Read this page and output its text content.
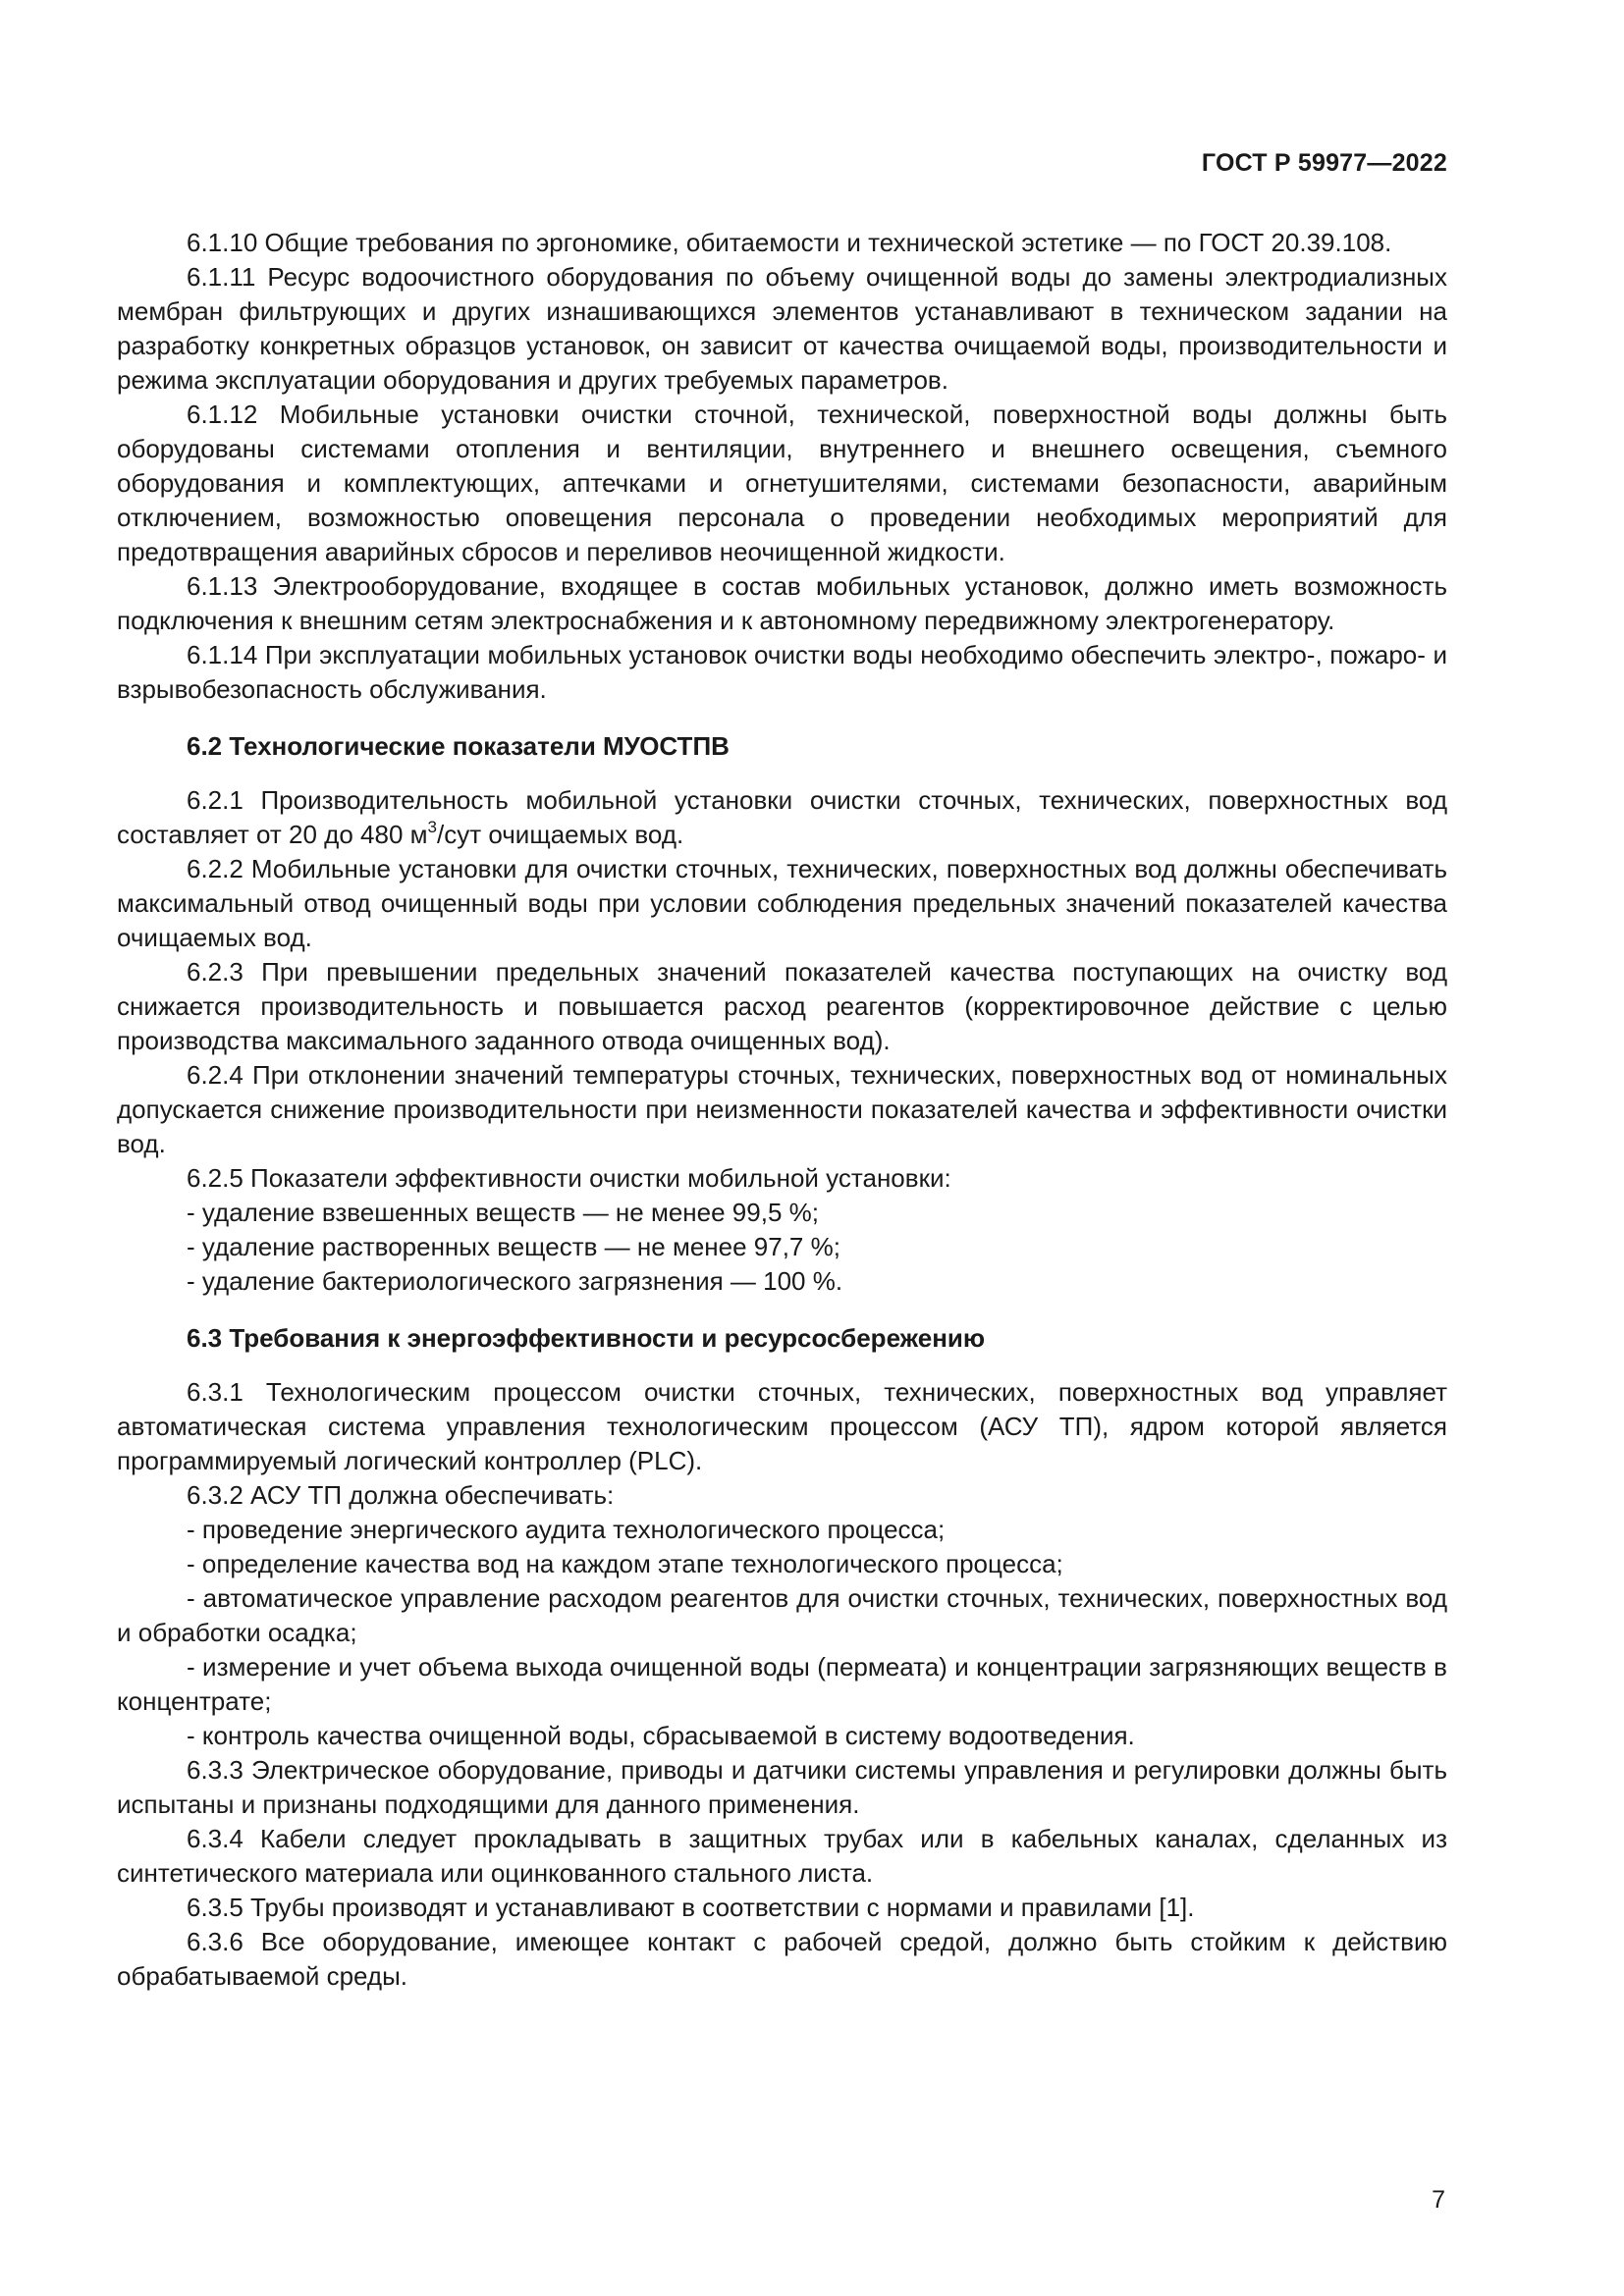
ГОСТ Р 59977—2022

6.1.10 Общие требования по эргономике, обитаемости и технической эстетике — по ГОСТ 20.39.108.

6.1.11 Ресурс водоочистного оборудования по объему очищенной воды до замены электродиализных мембран фильтрующих и других изнашивающихся элементов устанавливают в техническом задании на разработку конкретных образцов установок, он зависит от качества очищаемой воды, производительности и режима эксплуатации оборудования и других требуемых параметров.

6.1.12 Мобильные установки очистки сточной, технической, поверхностной воды должны быть оборудованы системами отопления и вентиляции, внутреннего и внешнего освещения, съемного оборудования и комплектующих, аптечками и огнетушителями, системами безопасности, аварийным отключением, возможностью оповещения персонала о проведении необходимых мероприятий для предотвращения аварийных сбросов и переливов неочищенной жидкости.

6.1.13 Электрооборудование, входящее в состав мобильных установок, должно иметь возможность подключения к внешним сетям электроснабжения и к автономному передвижному электрогенератору.

6.1.14 При эксплуатации мобильных установок очистки воды необходимо обеспечить электро-, пожаро- и взрывобезопасность обслуживания.

6.2 Технологические показатели МУОСТПВ

6.2.1 Производительность мобильной установки очистки сточных, технических, поверхностных вод составляет от 20 до 480 $м^3$/сут очищаемых вод.

6.2.2 Мобильные установки для очистки сточных, технических, поверхностных вод должны обеспечивать максимальный отвод очищенный воды при условии соблюдения предельных значений показателей качества очищаемых вод.

6.2.3 При превышении предельных значений показателей качества поступающих на очистку вод снижается производительность и повышается расход реагентов (корректировочное действие с целью производства максимального заданного отвода очищенных вод).

6.2.4 При отклонении значений температуры сточных, технических, поверхностных вод от номинальных допускается снижение производительности при неизменности показателей качества и эффективности очистки вод.

6.2.5 Показатели эффективности очистки мобильной установки:

- удаление взвешенных веществ — не менее 99,5 %;

- удаление растворенных веществ — не менее 97,7 %;

- удаление бактериологического загрязнения — 100 %.

6.3 Требования к энергоэффективности и ресурсосбережению

6.3.1 Технологическим процессом очистки сточных, технических, поверхностных вод управляет автоматическая система управления технологическим процессом (АСУ ТП), ядром которой является программируемый логический контроллер (PLC).

6.3.2 АСУ ТП должна обеспечивать:

- проведение энергического аудита технологического процесса;

- определение качества вод на каждом этапе технологического процесса;

- автоматическое управление расходом реагентов для очистки сточных, технических, поверхностных вод и обработки осадка;

- измерение и учет объема выхода очищенной воды (пермеата) и концентрации загрязняющих веществ в концентрате;

- контроль качества очищенной воды, сбрасываемой в систему водоотведения.

6.3.3 Электрическое оборудование, приводы и датчики системы управления и регулировки должны быть испытаны и признаны подходящими для данного применения.

6.3.4 Кабели следует прокладывать в защитных трубах или в кабельных каналах, сделанных из синтетического материала или оцинкованного стального листа.

6.3.5 Трубы производят и устанавливают в соответствии с нормами и правилами [1].

6.3.6 Все оборудование, имеющее контакт с рабочей средой, должно быть стойким к действию обрабатываемой среды.

7
